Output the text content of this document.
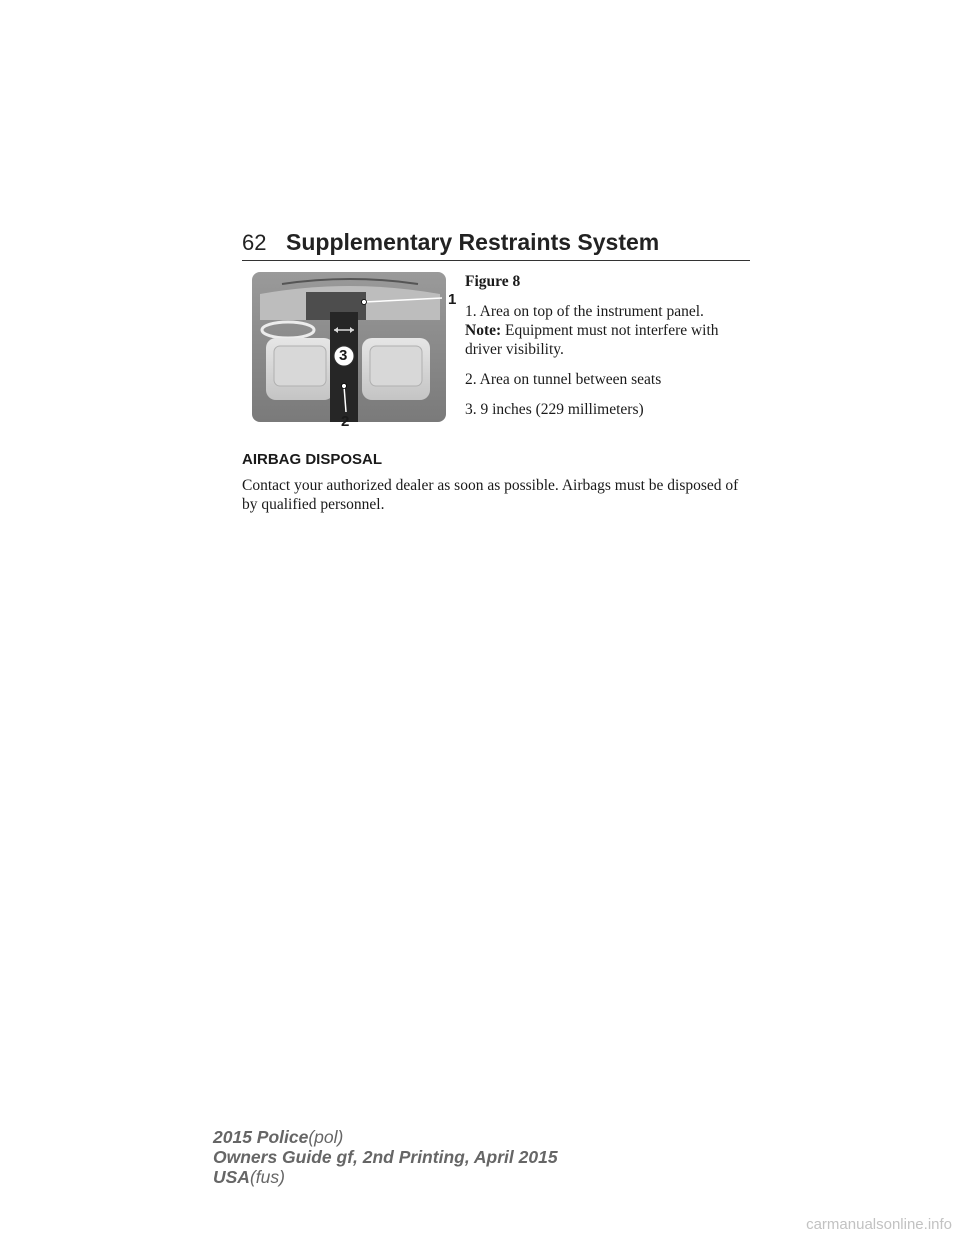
62 Supplementary Restraints System
1
2
3

Figure 8

1. Area on top of the instrument panel.
Note: Equipment must not interfere with driver visibility.

2. Area on tunnel between seats

3. 9 inches (229 millimeters)

AIRBAG DISPOSAL

Contact your authorized dealer as soon as possible. Airbags must be disposed of by qualified personnel.

2015 Police(pol)
Owners Guide gf, 2nd Printing, April 2015
USA(fus)
carmanualsonline.info
